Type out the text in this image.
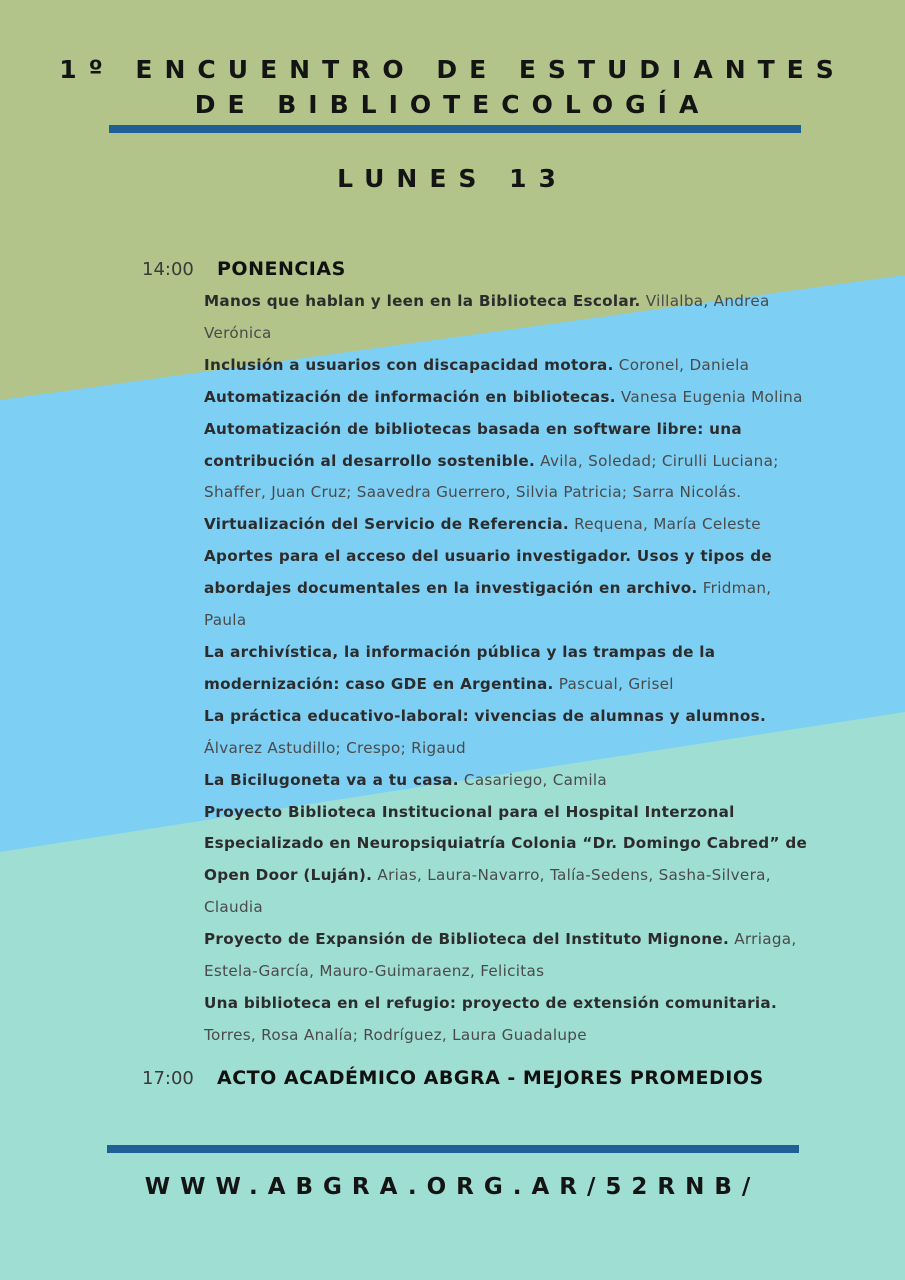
1º ENCUENTRO DE ESTUDIANTES
DE BIBLIOTECOLOGÍA
LUNES 13
14:00 PONENCIAS
Manos que hablan y leen en la Biblioteca Escolar. Villalba, Andrea Verónica
Inclusión a usuarios con discapacidad motora. Coronel, Daniela
Automatización de información en bibliotecas. Vanesa Eugenia Molina
Automatización de bibliotecas basada en software libre: una contribución al desarrollo sostenible. Avila, Soledad; Cirulli Luciana; Shaffer, Juan Cruz; Saavedra Guerrero, Silvia Patricia; Sarra Nicolás.
Virtualización del Servicio de Referencia. Requena, María Celeste
Aportes para el acceso del usuario investigador. Usos y tipos de abordajes documentales en la investigación en archivo. Fridman, Paula
La archivística, la información pública y las trampas de la modernización: caso GDE en Argentina. Pascual, Grisel
La práctica educativo-laboral: vivencias de alumnas y alumnos. Álvarez Astudillo; Crespo; Rigaud
La Bicilugoneta va a tu casa. Casariego, Camila
Proyecto Biblioteca Institucional para el Hospital Interzonal Especializado en Neuropsiquiatría Colonia “Dr. Domingo Cabred” de Open Door (Luján). Arias, Laura-Navarro, Talía-Sedens, Sasha-Silvera, Claudia
Proyecto de Expansión de Biblioteca del Instituto Mignone. Arriaga, Estela-García, Mauro-Guimaraenz, Felicitas
Una biblioteca en el refugio: proyecto de extensión comunitaria. Torres, Rosa Analía; Rodríguez, Laura Guadalupe
17:00 ACTO ACADÉMICO ABGRA - MEJORES PROMEDIOS
WWW.ABGRA.ORG.AR/52RNB/
